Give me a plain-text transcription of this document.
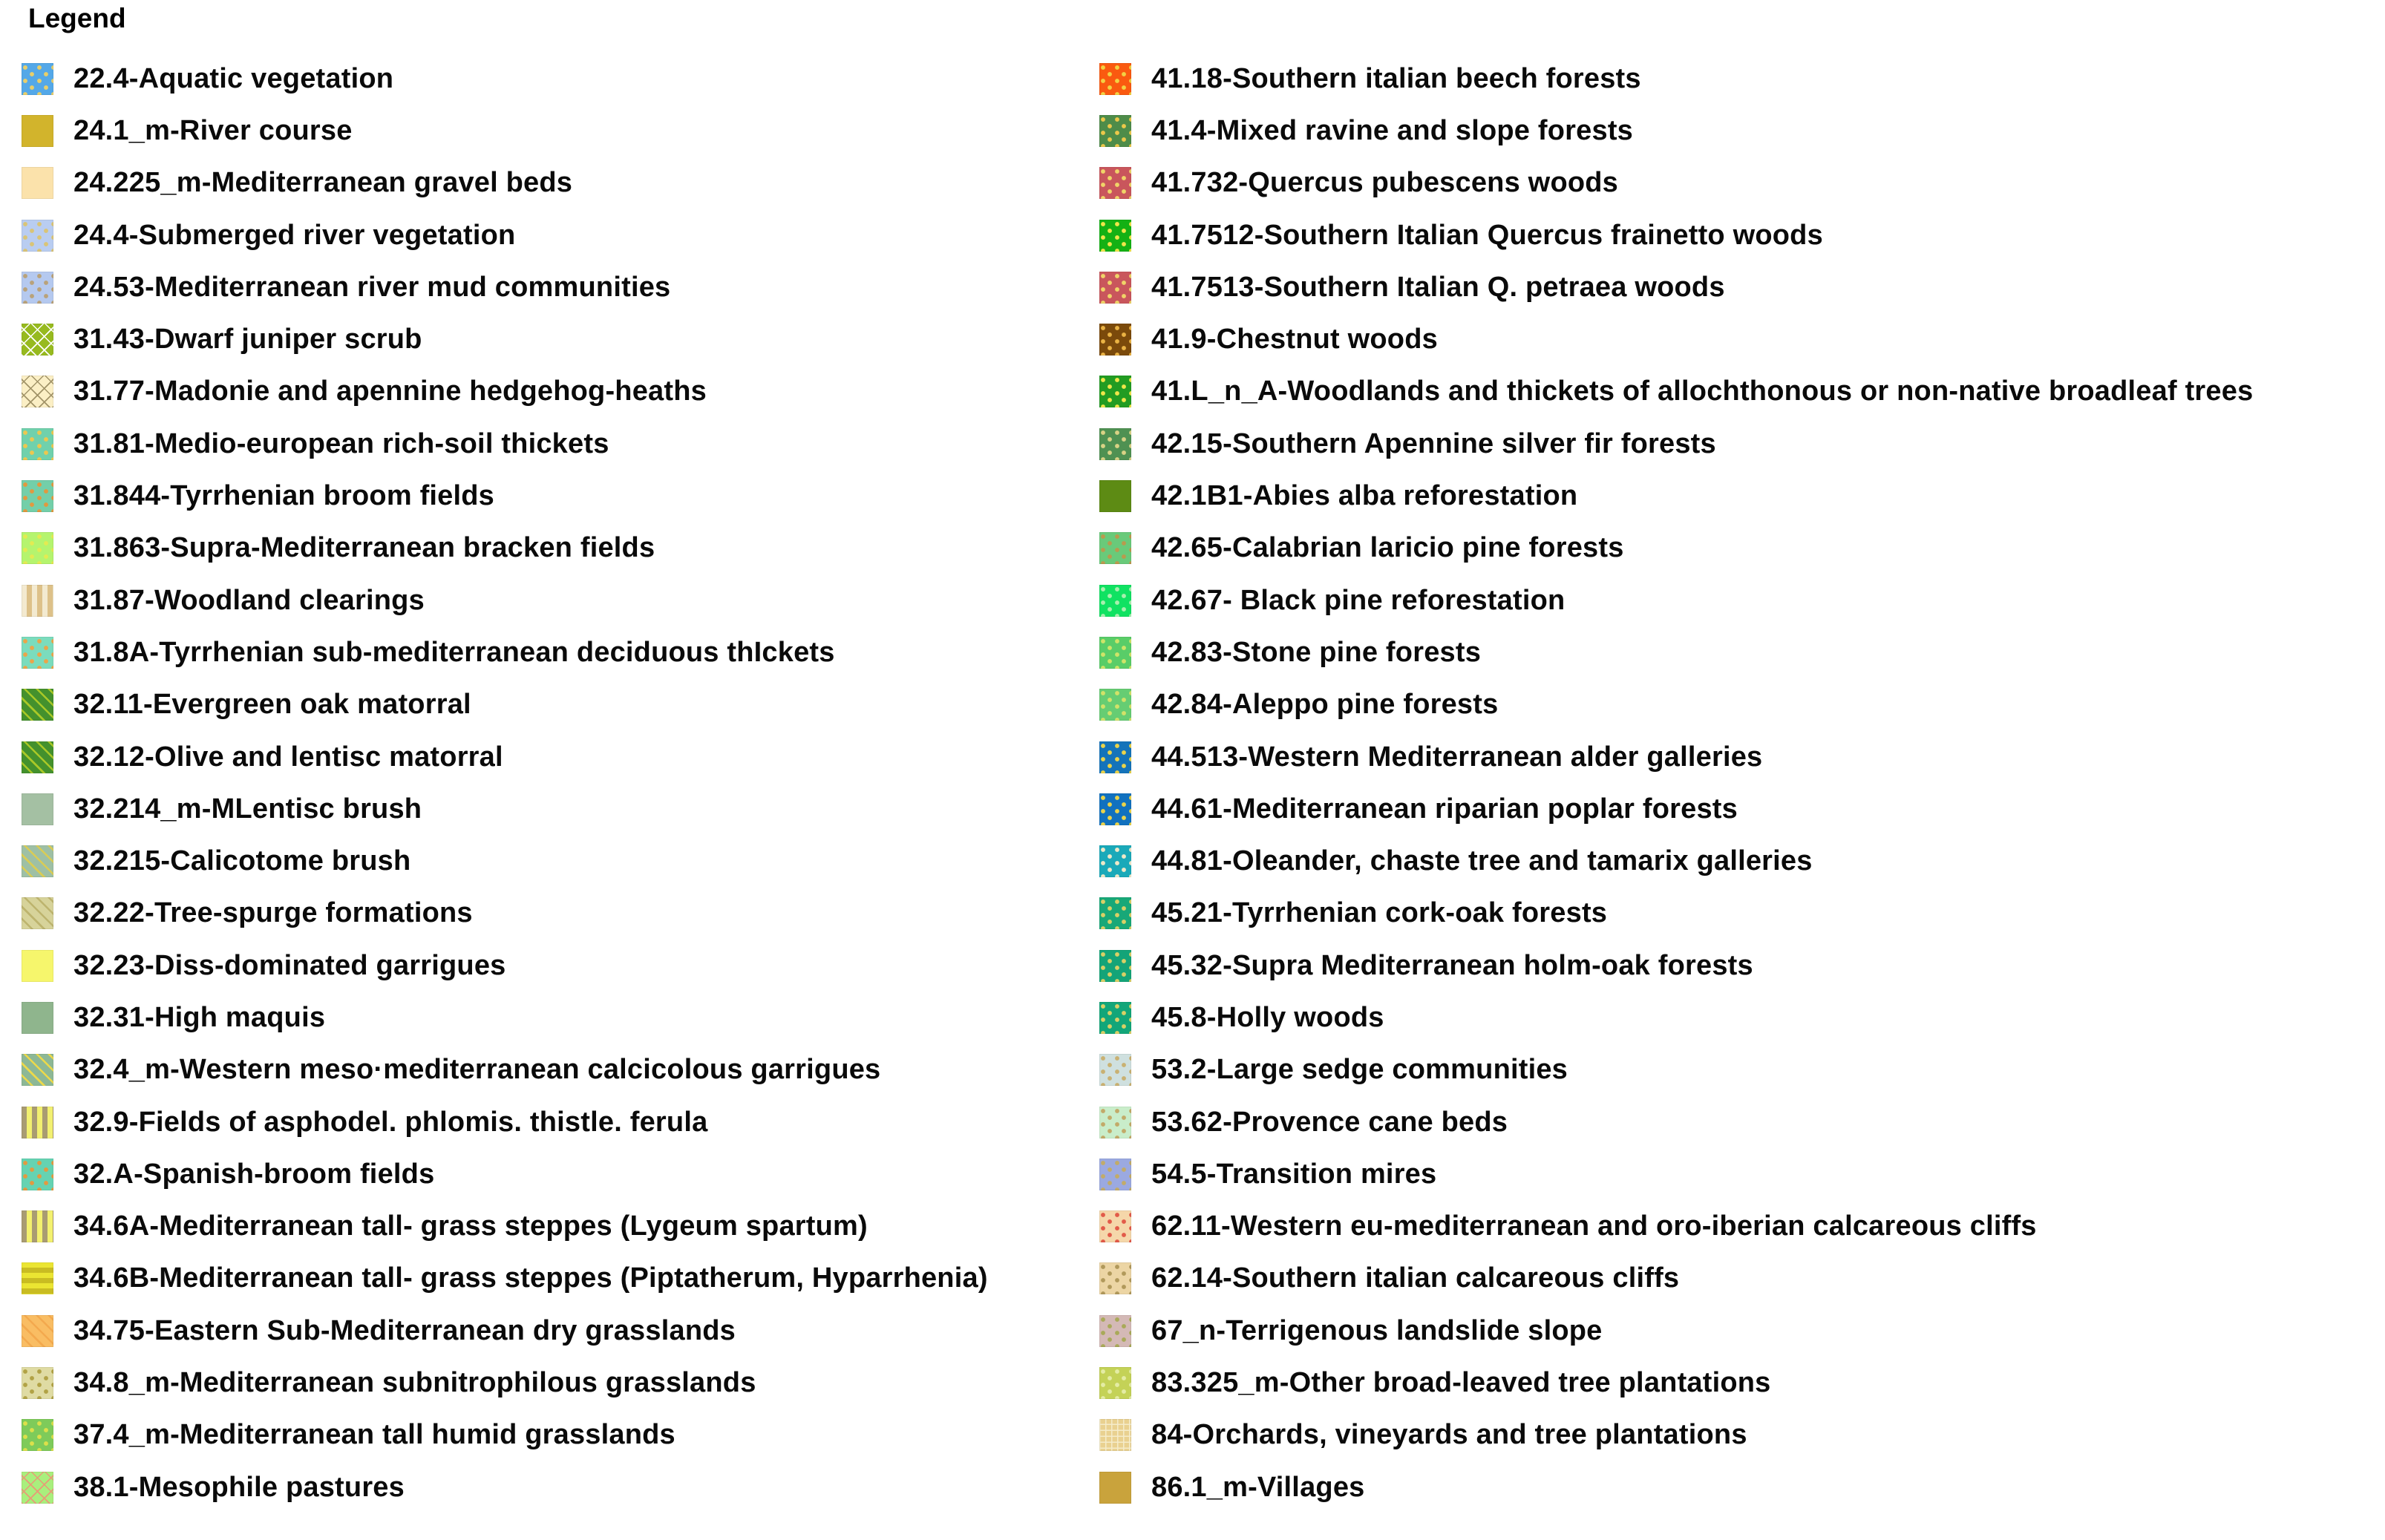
Legend
22.4-Aquatic vegetation
24.1_m-River course
24.225_m-Mediterranean gravel beds
24.4-Submerged river vegetation
24.53-Mediterranean river mud communities
31.43-Dwarf juniper scrub
31.77-Madonie and apennine hedgehog-heaths
31.81-Medio-european rich-soil thickets
31.844-Tyrrhenian broom fields
31.863-Supra-Mediterranean bracken fields
31.87-Woodland clearings
31.8A-Tyrrhenian sub-mediterranean deciduous thIckets
32.11-Evergreen oak matorral
32.12-Olive and lentisc matorral
32.214_m-MLentisc brush
32.215-Calicotome brush
32.22-Tree-spurge formations
32.23-Diss-dominated garrigues
32.31-High maquis
32.4_m-Western meso·mediterranean calcicolous garrigues
32.9-Fields of asphodel. phlomis. thistle. ferula
32.A-Spanish-broom fields
34.6A-Mediterranean tall- grass steppes (Lygeum spartum)
34.6B-Mediterranean tall- grass steppes (Piptatherum, Hyparrhenia)
34.75-Eastern Sub-Mediterranean dry grasslands
34.8_m-Mediterranean subnitrophilous grasslands
37.4_m-Mediterranean tall humid grasslands
38.1-Mesophile pastures
41.18-Southern italian beech forests
41.4-Mixed ravine and slope forests
41.732-Quercus pubescens woods
41.7512-Southern Italian Quercus frainetto woods
41.7513-Southern Italian Q. petraea woods
41.9-Chestnut woods
41.L_n_A-Woodlands and thickets of allochthonous or non-native broadleaf trees
42.15-Southern Apennine silver fir forests
42.1B1-Abies alba reforestation
42.65-Calabrian laricio pine forests
42.67- Black pine reforestation
42.83-Stone pine forests
42.84-Aleppo pine forests
44.513-Western Mediterranean alder galleries
44.61-Mediterranean riparian poplar forests
44.81-Oleander, chaste tree and tamarix galleries
45.21-Tyrrhenian cork-oak forests
45.32-Supra Mediterranean holm-oak forests
45.8-Holly woods
53.2-Large sedge communities
53.62-Provence cane beds
54.5-Transition mires
62.11-Western eu-mediterranean and oro-iberian calcareous cliffs
62.14-Southern italian calcareous cliffs
67_n-Terrigenous landslide slope
83.325_m-Other broad-leaved tree plantations
84-Orchards, vineyards and tree plantations
86.1_m-Villages
